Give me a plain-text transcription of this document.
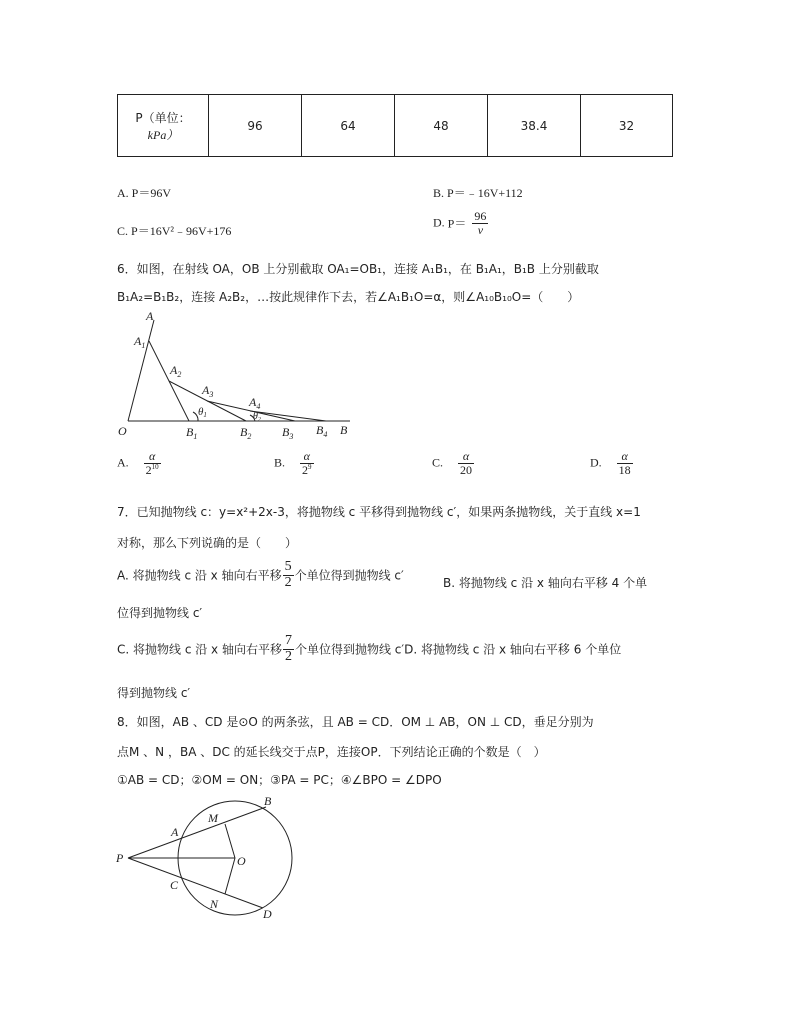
P（单位：
kPa）
	96	64	48	38.4	32
A. P＝96V	B. P＝﹣16V+112
C. P＝16V²﹣96V+176
D. $P= \frac{96}{v}$
6．如图，在射线 OA，OB 上分别截取 OA₁=OB₁，连接 A₁B₁，在 B₁A₁，B₁B 上分别截取
B₁A₂=B₁B₂，连接 A₂B₂，…按此规律作下去，若∠A₁B₁O=α，则∠A₁₀B₁₀O=（　　）
A
$A_1$
$A_2$
$A_3$
$A_4$
θ1	$\theta_2$
O	$B_1$	$B_2$	$B_3$ $B_4$ B
A. $\frac{\alpha}{2^{10}}$	B. $\frac{\alpha}{2^9}$	C. $\frac{\alpha}{20}$	D. $\frac{\alpha}{18}$
7．已知抛物线 c：y=x²+2x-3，将抛物线 c 平移得到抛物线 c′，如果两条抛物线，关于直线 x=1
对称，那么下列说确的是（　　）
A. 将抛物线 c 沿 x 轴向右平移 $\frac{5}{2}$ 个单位得到抛物线 c′
B. 将抛物线 c 沿 x 轴向右平移 4 个单
位得到抛物线 c′
C. 将抛物线 c 沿 x 轴向右平移 $\frac{7}{2}$ 个单位得到抛物线 c′D. 将抛物线 c 沿 x 轴向右平移 6 个单位
得到抛物线 c′
8．如图，AB 、CD 是⊙O 的两条弦，且 AB = CD．OM ⊥ AB，ON ⊥ CD，垂足分别为
点M 、N ，BA 、DC 的延长线交于点P，连接OP．下列结论正确的个数是（　）
①AB = CD；②OM = ON；③PA = PC；④∠BPO = ∠DPO
B
M
A
P	O
C
N
D
